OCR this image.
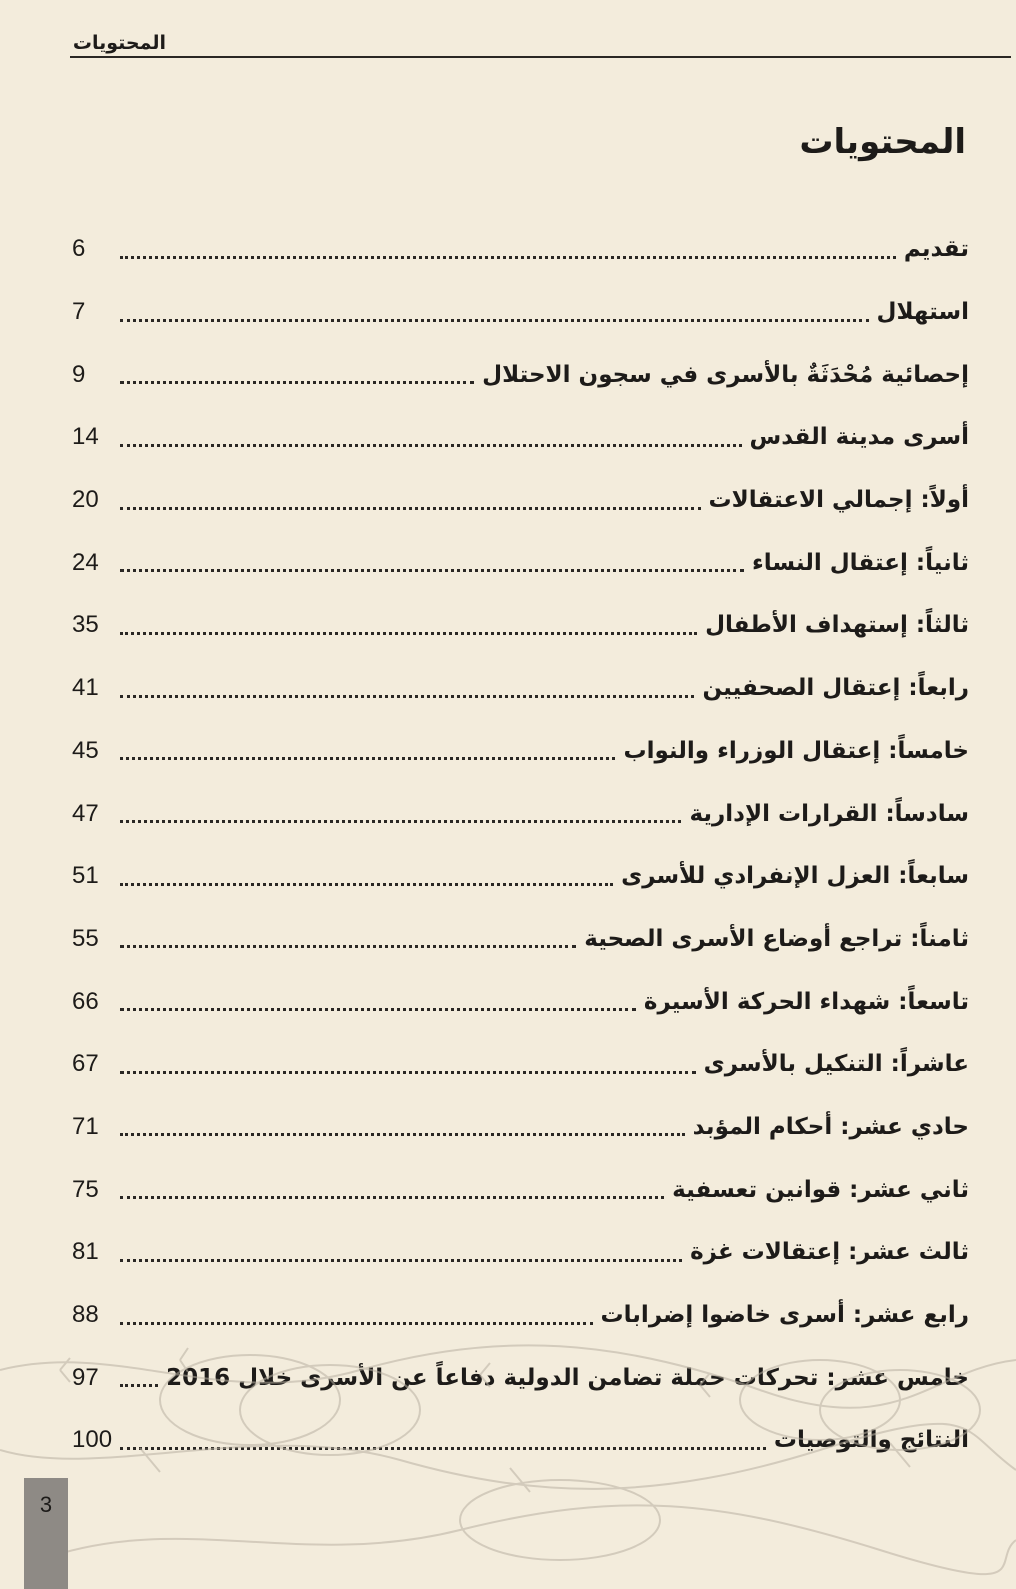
المحتويات
المحتويات
تقديم
6
استهلال
7
إحصائية مُحْدَثَةٌ بالأسرى في سجون الاحتلال
9
أسرى مدينة القدس
14
أولاً: إجمالي الاعتقالات
20
ثانياً: إعتقال النساء
24
ثالثاً: إستهداف الأطفال
35
رابعاً: إعتقال الصحفيين
41
خامساً: إعتقال الوزراء والنواب
45
سادساً: القرارات الإدارية
47
سابعاً: العزل الإنفرادي للأسرى
51
ثامناً: تراجع أوضاع الأسرى الصحية
55
تاسعاً: شهداء الحركة الأسيرة
66
عاشراً: التنكيل بالأسرى
67
حادي عشر: أحكام المؤبد
71
ثاني عشر: قوانين تعسفية
75
ثالث عشر: إعتقالات غزة
81
رابع عشر: أسرى خاضوا إضرابات
88
خامس عشر: تحركات حملة تضامن الدولية دفاعاً عن الأسرى خلال 2016
97
النتائج والتوصيات
100
3
